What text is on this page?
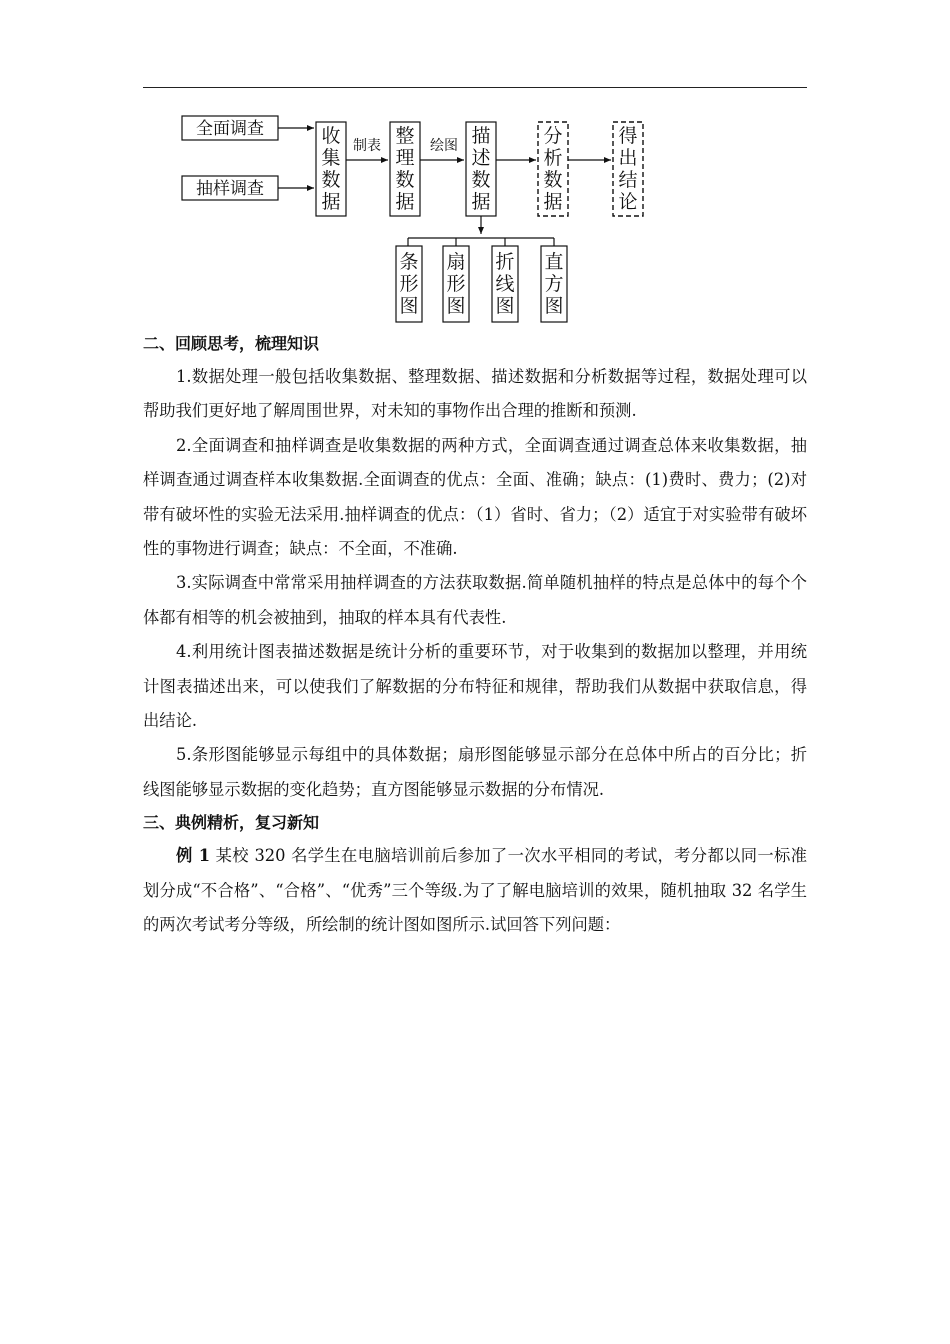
全面调查
抽样调查
收
集
数
据
制表 整
理
数
据
绘图 描
述
数
据
分
析
数
据
得
出
结
论
条
形
图
扇
形
图
折
线
图
直
方
图

二、回顾思考，梳理知识

1.数据处理一般包括收集数据、整理数据、描述数据和分析数据等过程，数据处理可以帮助我们更好地了解周围世界，对未知的事物作出合理的推断和预测.

2.全面调查和抽样调查是收集数据的两种方式，全面调查通过调查总体来收集数据，抽样调查通过调查样本收集数据.全面调查的优点：全面、准确；缺点：(1)费时、费力；(2)对带有破坏性的实验无法采用.抽样调查的优点：（1）省时、省力；（2）适宜于对实验带有破坏性的事物进行调查；缺点：不全面，不准确.

3.实际调查中常常采用抽样调查的方法获取数据.简单随机抽样的特点是总体中的每个个体都有相等的机会被抽到，抽取的样本具有代表性.

4.利用统计图表描述数据是统计分析的重要环节，对于收集到的数据加以整理，并用统计图表描述出来，可以使我们了解数据的分布特征和规律，帮助我们从数据中获取信息，得出结论.

5.条形图能够显示每组中的具体数据；扇形图能够显示部分在总体中所占的百分比；折线图能够显示数据的变化趋势；直方图能够显示数据的分布情况.

三、典例精析，复习新知

例 1 某校 320 名学生在电脑培训前后参加了一次水平相同的考试，考分都以同一标准划分成“不合格”、“合格”、“优秀”三个等级.为了了解电脑培训的效果，随机抽取 32 名学生的两次考试考分等级，所绘制的统计图如图所示.试回答下列问题：
